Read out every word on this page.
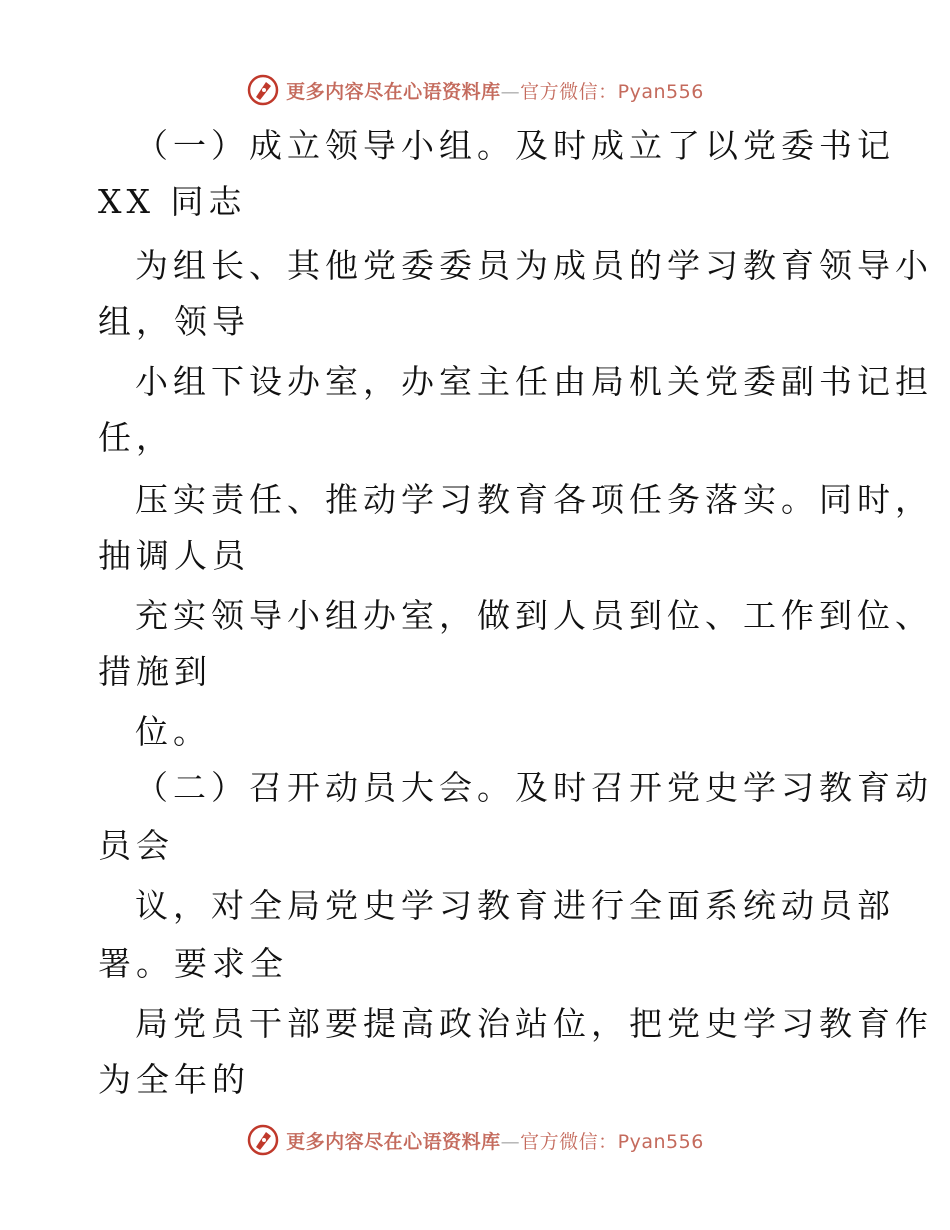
更多内容尽在心语资料库—官方微信：Pyan556
（一）成立领导小组。及时成立了以党委书记
XX 同志
为组长、其他党委委员为成员的学习教育领导小
组，领导
小组下设办室，办室主任由局机关党委副书记担
任，
压实责任、推动学习教育各项任务落实。同时，
抽调人员
充实领导小组办室，做到人员到位、工作到位、
措施到
位。
（二）召开动员大会。及时召开党史学习教育动
员会
议，对全局党史学习教育进行全面系统动员部
署。要求全
局党员干部要提高政治站位，把党史学习教育作
为全年的
更多内容尽在心语资料库—官方微信：Pyan556
